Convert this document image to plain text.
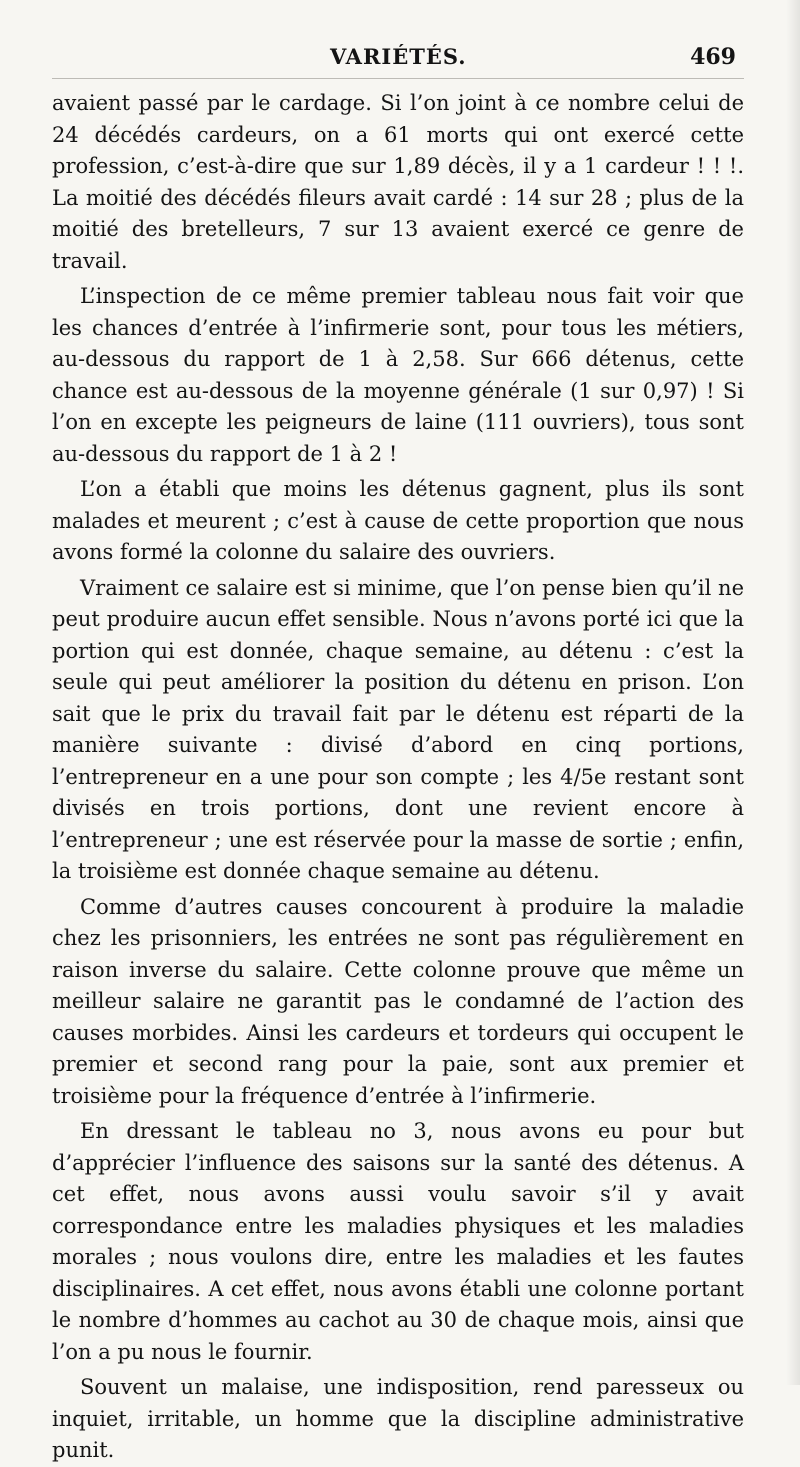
VARIÉTÉS.	469

avaient passé par le cardage. Si l’on joint à ce nombre celui de 24 décédés cardeurs, on a 61 morts qui ont exercé cette profession, c’est-à-dire que sur 1,89 décès, il y a 1 cardeur ! ! !. La moitié des décédés fileurs avait cardé : 14 sur 28 ; plus de la moitié des bretelleurs, 7 sur 13 avaient exercé ce genre de travail.

L’inspection de ce même premier tableau nous fait voir que les chances d’entrée à l’infirmerie sont, pour tous les métiers, au-dessous du rapport de 1 à 2,58. Sur 666 détenus, cette chance est au-dessous de la moyenne générale (1 sur 0,97) ! Si l’on en excepte les peigneurs de laine (111 ouvriers), tous sont au-dessous du rapport de 1 à 2 !

L’on a établi que moins les détenus gagnent, plus ils sont malades et meurent ; c’est à cause de cette proportion que nous avons formé la colonne du salaire des ouvriers.

Vraiment ce salaire est si minime, que l’on pense bien qu’il ne peut produire aucun effet sensible. Nous n’avons porté ici que la portion qui est donnée, chaque semaine, au détenu : c’est la seule qui peut améliorer la position du détenu en prison. L’on sait que le prix du travail fait par le détenu est réparti de la manière suivante : divisé d’abord en cinq portions, l’entrepreneur en a une pour son compte ; les 4/5e restant sont divisés en trois portions, dont une revient encore à l’entrepreneur ; une est réservée pour la masse de sortie ; enfin, la troisième est donnée chaque semaine au détenu.

Comme d’autres causes concourent à produire la maladie chez les prisonniers, les entrées ne sont pas régulièrement en raison inverse du salaire. Cette colonne prouve que même un meilleur salaire ne garantit pas le condamné de l’action des causes morbides. Ainsi les cardeurs et tordeurs qui occupent le premier et second rang pour la paie, sont aux premier et troisième pour la fréquence d’entrée à l’infirmerie.

En dressant le tableau no 3, nous avons eu pour but d’apprécier l’influence des saisons sur la santé des détenus. A cet effet, nous avons aussi voulu savoir s’il y avait correspondance entre les maladies physiques et les maladies morales ; nous voulons dire, entre les maladies et les fautes disciplinaires. A cet effet, nous avons établi une colonne portant le nombre d’hommes au cachot au 30 de chaque mois, ainsi que l’on a pu nous le fournir.

Souvent un malaise, une indisposition, rend paresseux ou inquiet, irritable, un homme que la discipline administrative punit.
